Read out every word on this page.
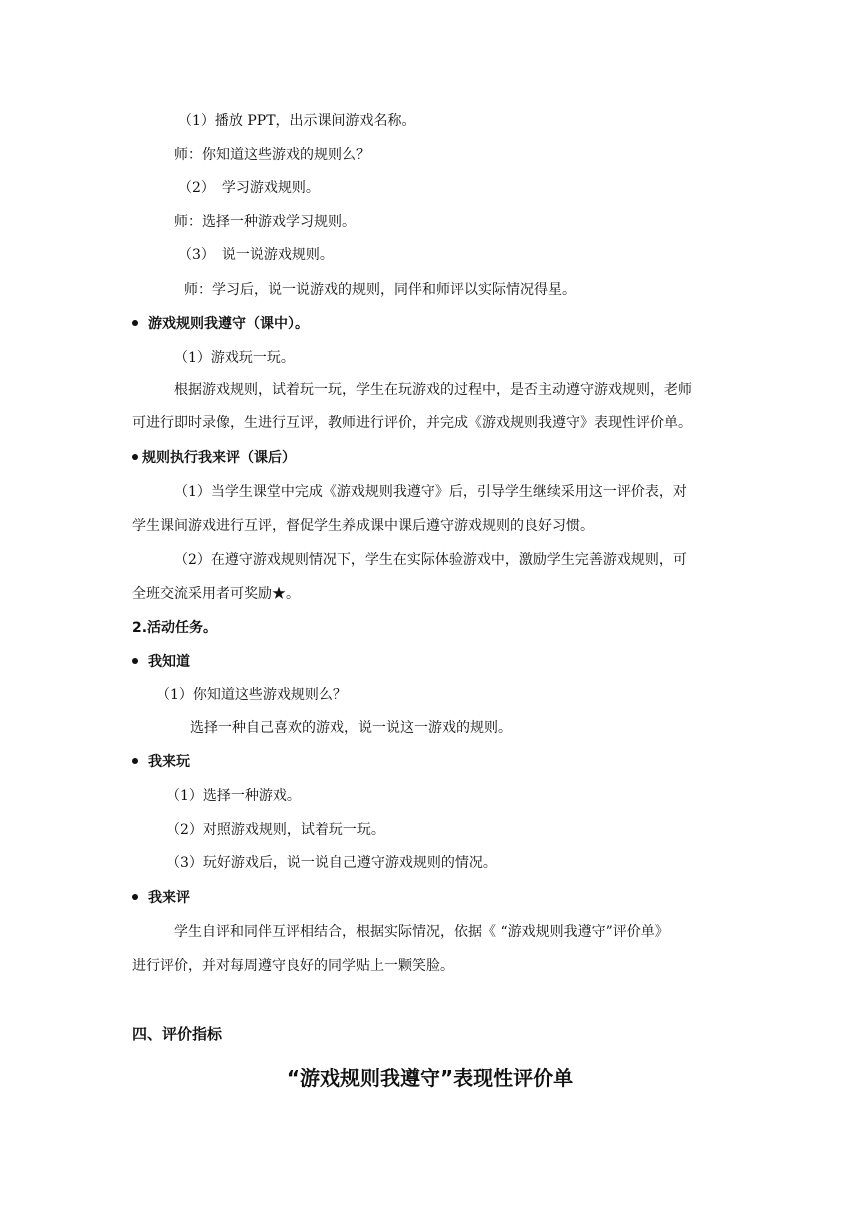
（1）播放 PPT，出示课间游戏名称。
师：你知道这些游戏的规则么？
（2）　学习游戏规则。
师：选择一种游戏学习规则。
（3）　说一说游戏规则。
师：学习后，说一说游戏的规则，同伴和师评以实际情况得星。
游戏规则我遵守（课中）。
（1）游戏玩一玩。
根据游戏规则，试着玩一玩，学生在玩游戏的过程中，是否主动遵守游戏规则，老师
可进行即时录像，生进行互评，教师进行评价，并完成《游戏规则我遵守》表现性评价单。
规则执行我来评（课后）
（1）当学生课堂中完成《游戏规则我遵守》后，引导学生继续采用这一评价表，对
学生课间游戏进行互评，督促学生养成课中课后遵守游戏规则的良好习惯。
（2）在遵守游戏规则情况下，学生在实际体验游戏中，激励学生完善游戏规则，可
全班交流采用者可奖励★。
2.活动任务。
我知道
（1）你知道这些游戏规则么？
选择一种自己喜欢的游戏，说一说这一游戏的规则。
我来玩
（1）选择一种游戏。
（2）对照游戏规则，试着玩一玩。
（3）玩好游戏后，说一说自己遵守游戏规则的情况。
我来评
学生自评和同伴互评相结合，根据实际情况，依据《 “游戏规则我遵守”评价单》
进行评价，并对每周遵守良好的同学贴上一颗笑脸。
四、评价指标
“游戏规则我遵守”表现性评价单
